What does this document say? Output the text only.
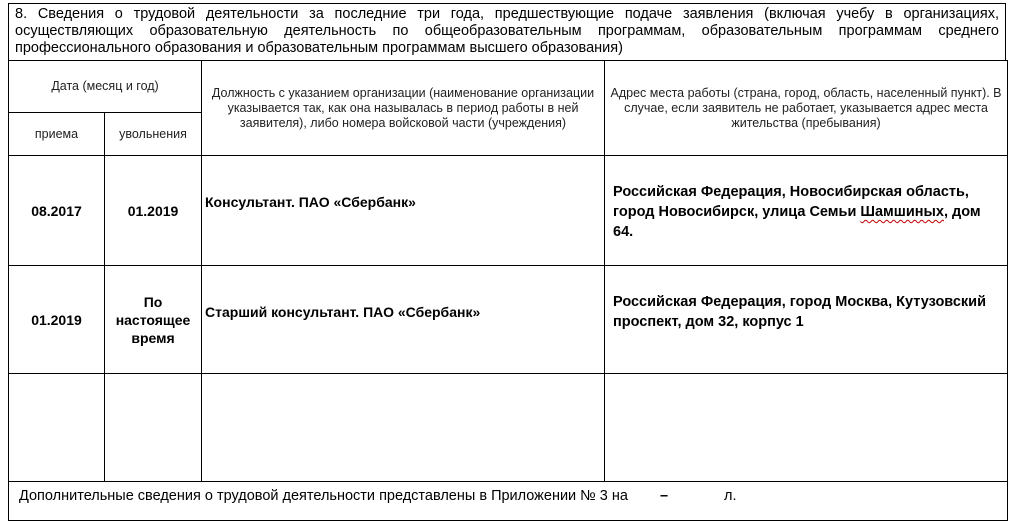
8. Сведения о трудовой деятельности за последние три года, предшествующие подаче заявления (включая учебу в организациях, осуществляющих образовательную деятельность по общеобразовательным программам, образовательным программам среднего профессионального образования и образовательным программам высшего образования)
Дата (месяц и год)		Должность с указанием организации (наименование организации указывается так, как она называлась в период работы в ней заявителя), либо номера войсковой части (учреждения)	Адрес места работы (страна, город, область, населенный пункт). В случае, если заявитель не работает, указывается адрес места жительства (пребывания)
приема	увольнения		
08.2017	01.2019	Консультант. ПАО «Сбербанк»	Российская Федерация, Новосибирская область, город Новосибирск, улица Семьи Шамшиных, дом 64.
01.2019	По настоящее время	Старший консультант. ПАО «Сбербанк»	Российская Федерация, город Москва, Кутузовский проспект, дом 32, корпус 1

Дополнительные сведения о трудовой деятельности представлены в Приложении № 3 на – л.			
